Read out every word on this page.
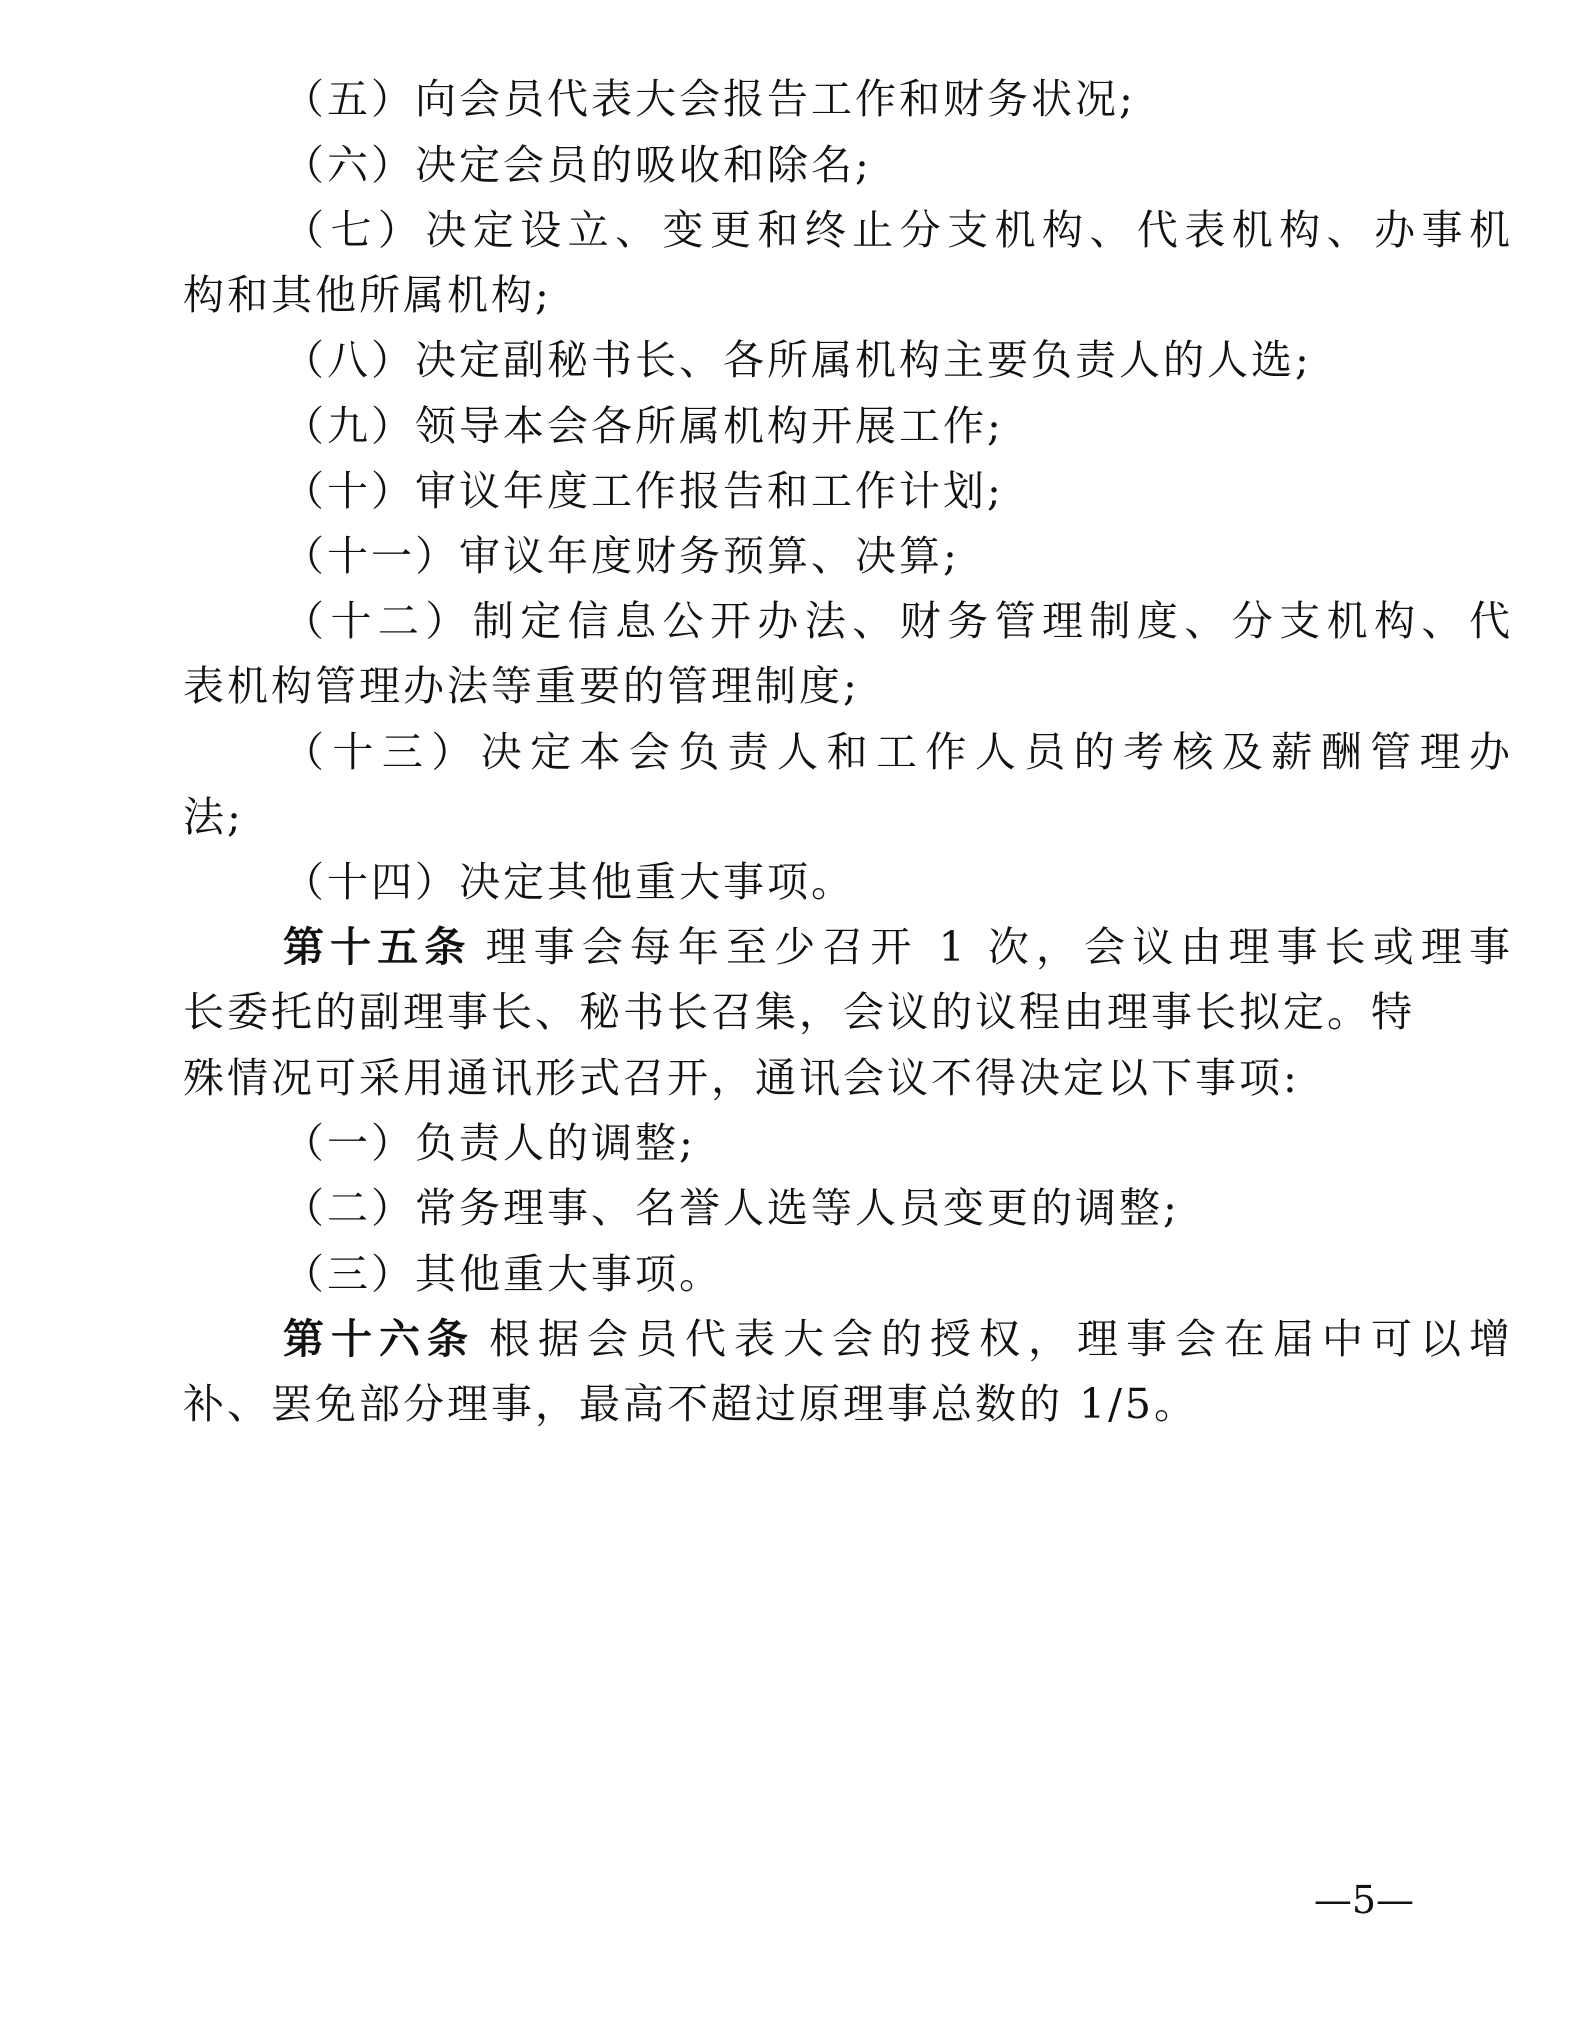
（五）向会员代表大会报告工作和财务状况;
（六）决定会员的吸收和除名;
（七）决定设立、变更和终止分支机构、代表机构、办事机
构和其他所属机构;
（八）决定副秘书长、各所属机构主要负责人的人选;
（九）领导本会各所属机构开展工作;
（十）审议年度工作报告和工作计划;
（十一）审议年度财务预算、决算;
（十二）制定信息公开办法、财务管理制度、分支机构、代
表机构管理办法等重要的管理制度;
（十三）决定本会负责人和工作人员的考核及薪酬管理办
法;
（十四）决定其他重大事项。
第十五条 理事会每年至少召开 1 次，会议由理事长或理事
长委托的副理事长、秘书长召集，会议的议程由理事长拟定。特
殊情况可采用通讯形式召开，通讯会议不得决定以下事项:
（一）负责人的调整;
（二）常务理事、名誉人选等人员变更的调整;
（三）其他重大事项。
第十六条 根据会员代表大会的授权，理事会在届中可以增
补、罢免部分理事，最高不超过原理事总数的 1/5。
—5—
